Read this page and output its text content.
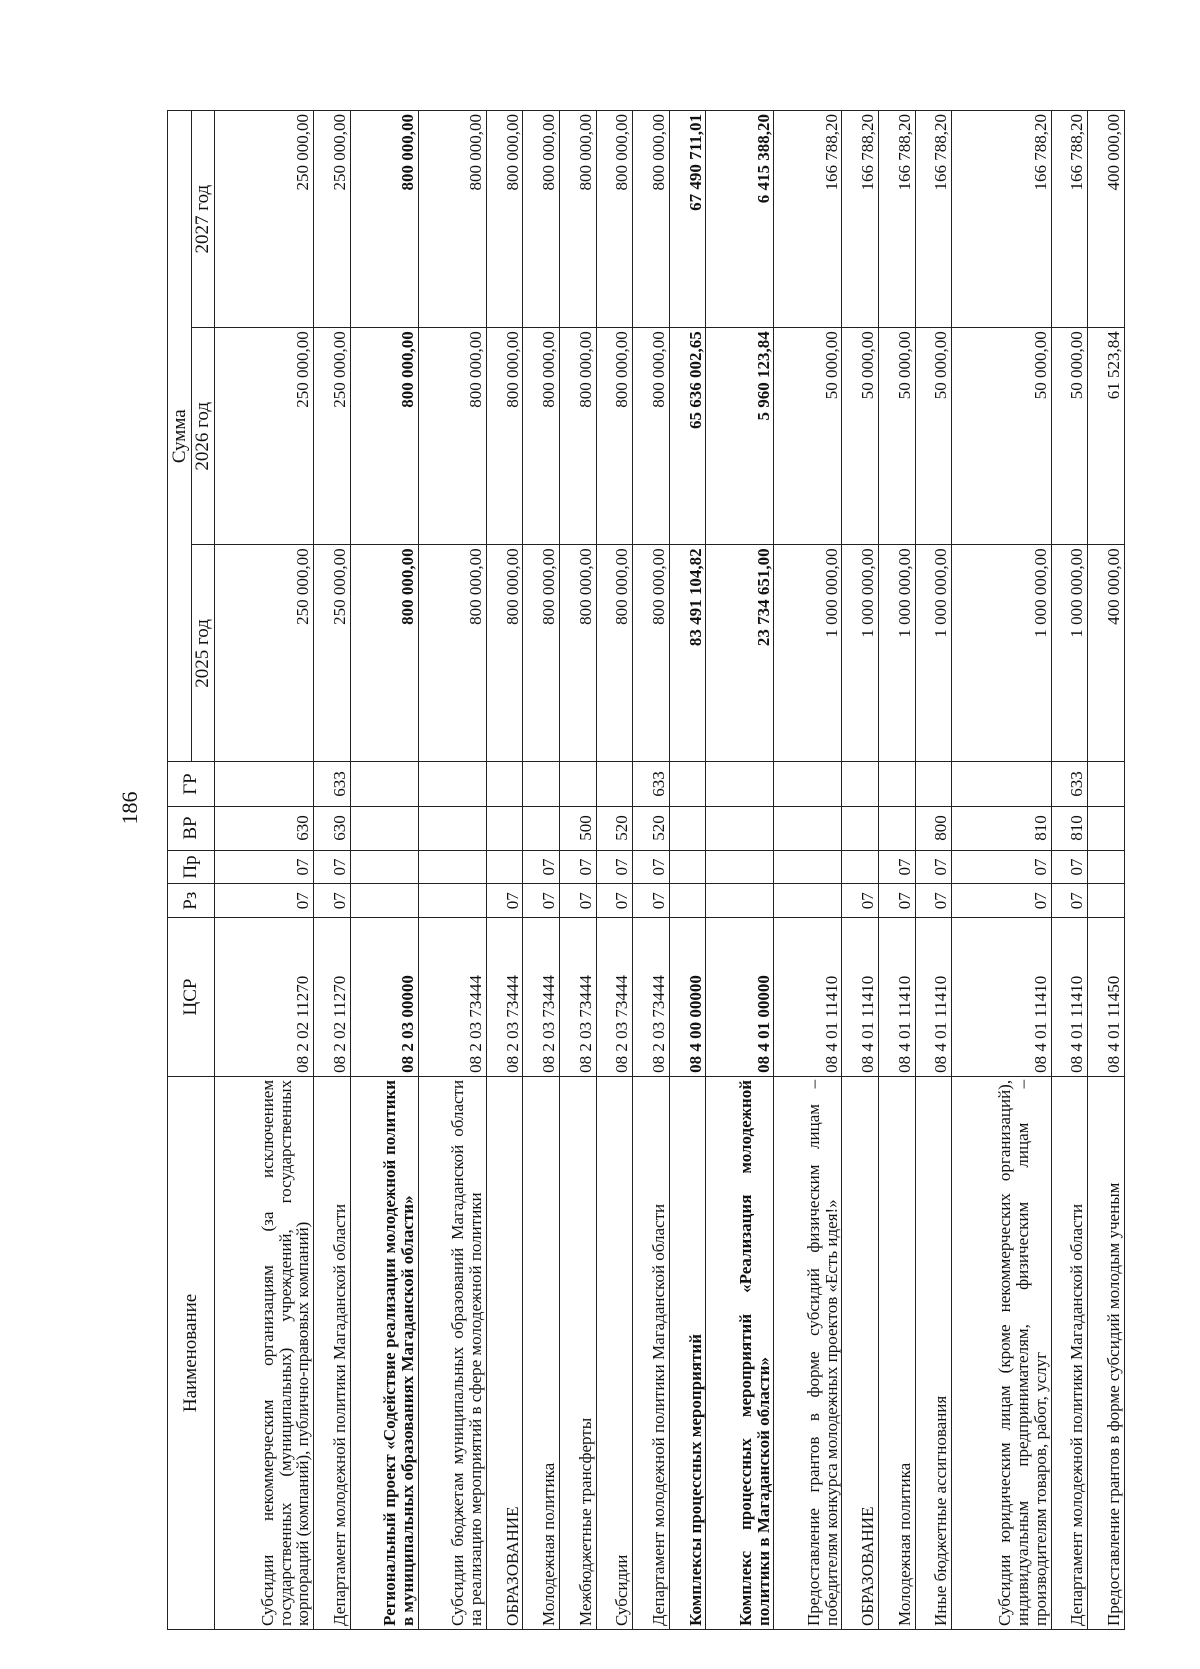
186
Наименование	ЦСР	Рз	Пр	ВР	ГР	Сумма		
						2025 год	2026 год	2027 год
Субсидии некоммерческим организациям (за исключением государственных (муниципальных) учреждений, государственных корпораций (компаний), публично-правовых компаний)	08 2 02 11270	07	07	630		250 000,00	250 000,00	250 000,00
Департамент молодежной политики Магаданской области	08 2 02 11270	07	07	630	633	250 000,00	250 000,00	250 000,00
Региональный проект «Содействие реализации молодежной политики в муниципальных образованиях Магаданской области»	08 2 03 00000					800 000,00	800 000,00	800 000,00
Субсидии бюджетам муниципальных образований Магаданской области на реализацию мероприятий в сфере молодежной политики	08 2 03 73444					800 000,00	800 000,00	800 000,00
ОБРАЗОВАНИЕ	08 2 03 73444	07				800 000,00	800 000,00	800 000,00
Молодежная политика	08 2 03 73444	07	07			800 000,00	800 000,00	800 000,00
Межбюджетные трансферты	08 2 03 73444	07	07	500		800 000,00	800 000,00	800 000,00
Субсидии	08 2 03 73444	07	07	520		800 000,00	800 000,00	800 000,00
Департамент молодежной политики Магаданской области	08 2 03 73444	07	07	520	633	800 000,00	800 000,00	800 000,00
Комплексы процессных мероприятий	08 4 00 00000					83 491 104,82	65 636 002,65	67 490 711,01
Комплекс процессных мероприятий «Реализация молодежной политики в Магаданской области»	08 4 01 00000					23 734 651,00	5 960 123,84	6 415 388,20
Предоставление грантов в форме субсидий физическим лицам – победителям конкурса молодежных проектов «Есть идея!»	08 4 01 11410					1 000 000,00	50 000,00	166 788,20
ОБРАЗОВАНИЕ	08 4 01 11410	07				1 000 000,00	50 000,00	166 788,20
Молодежная политика	08 4 01 11410	07	07			1 000 000,00	50 000,00	166 788,20
Иные бюджетные ассигнования	08 4 01 11410	07	07	800		1 000 000,00	50 000,00	166 788,20
Субсидии юридическим лицам (кроме некоммерческих организаций), индивидуальным предпринимателям, физическим лицам – производителям товаров, работ, услуг	08 4 01 11410	07	07	810		1 000 000,00	50 000,00	166 788,20
Департамент молодежной политики Магаданской области	08 4 01 11410	07	07	810	633	1 000 000,00	50 000,00	166 788,20
Предоставление грантов в форме субсидий молодым ученым	08 4 01 11450					400 000,00	61 523,84	400 000,00
